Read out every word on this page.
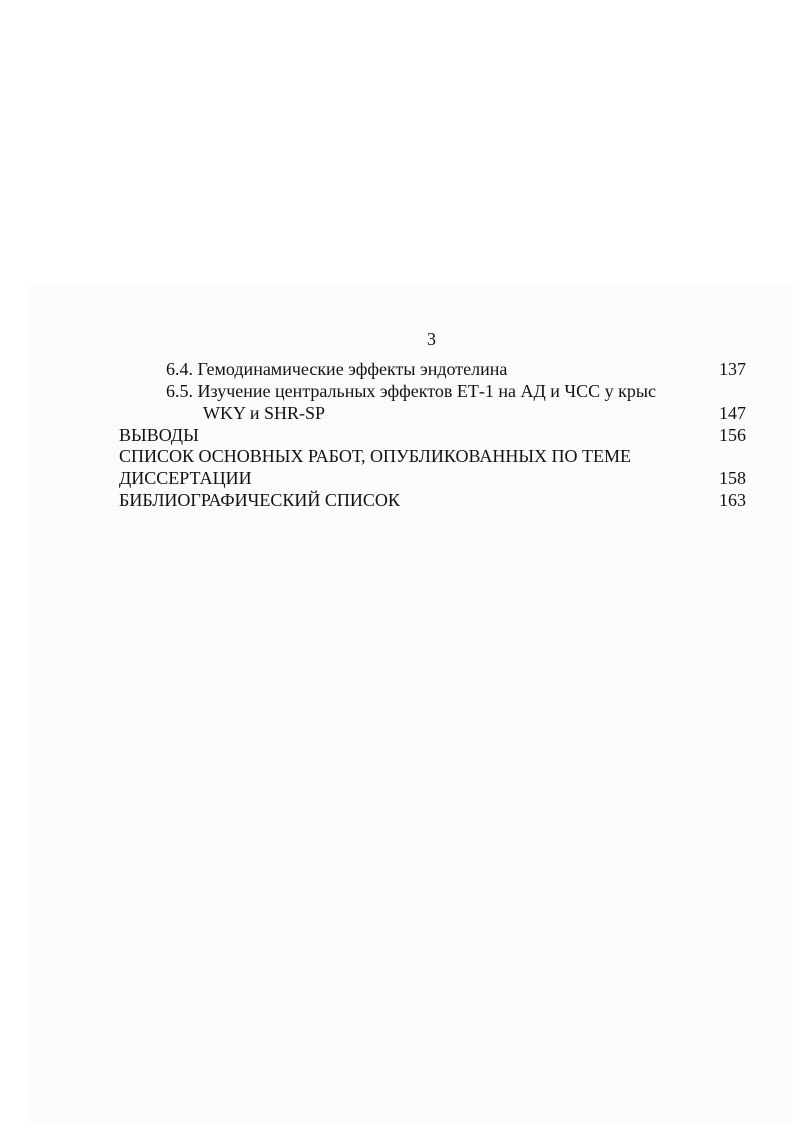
3
6.4. Гемодинамические эффекты эндотелина	137
6.5. Изучение центральных эффектов ЕТ-1 на АД и ЧСС у крыс
WKY и SHR-SP	147
ВЫВОДЫ	156
СПИСОК ОСНОВНЫХ РАБОТ, ОПУБЛИКОВАННЫХ ПО ТЕМЕ
ДИССЕРТАЦИИ	158
БИБЛИОГРАФИЧЕСКИЙ СПИСОК	163
